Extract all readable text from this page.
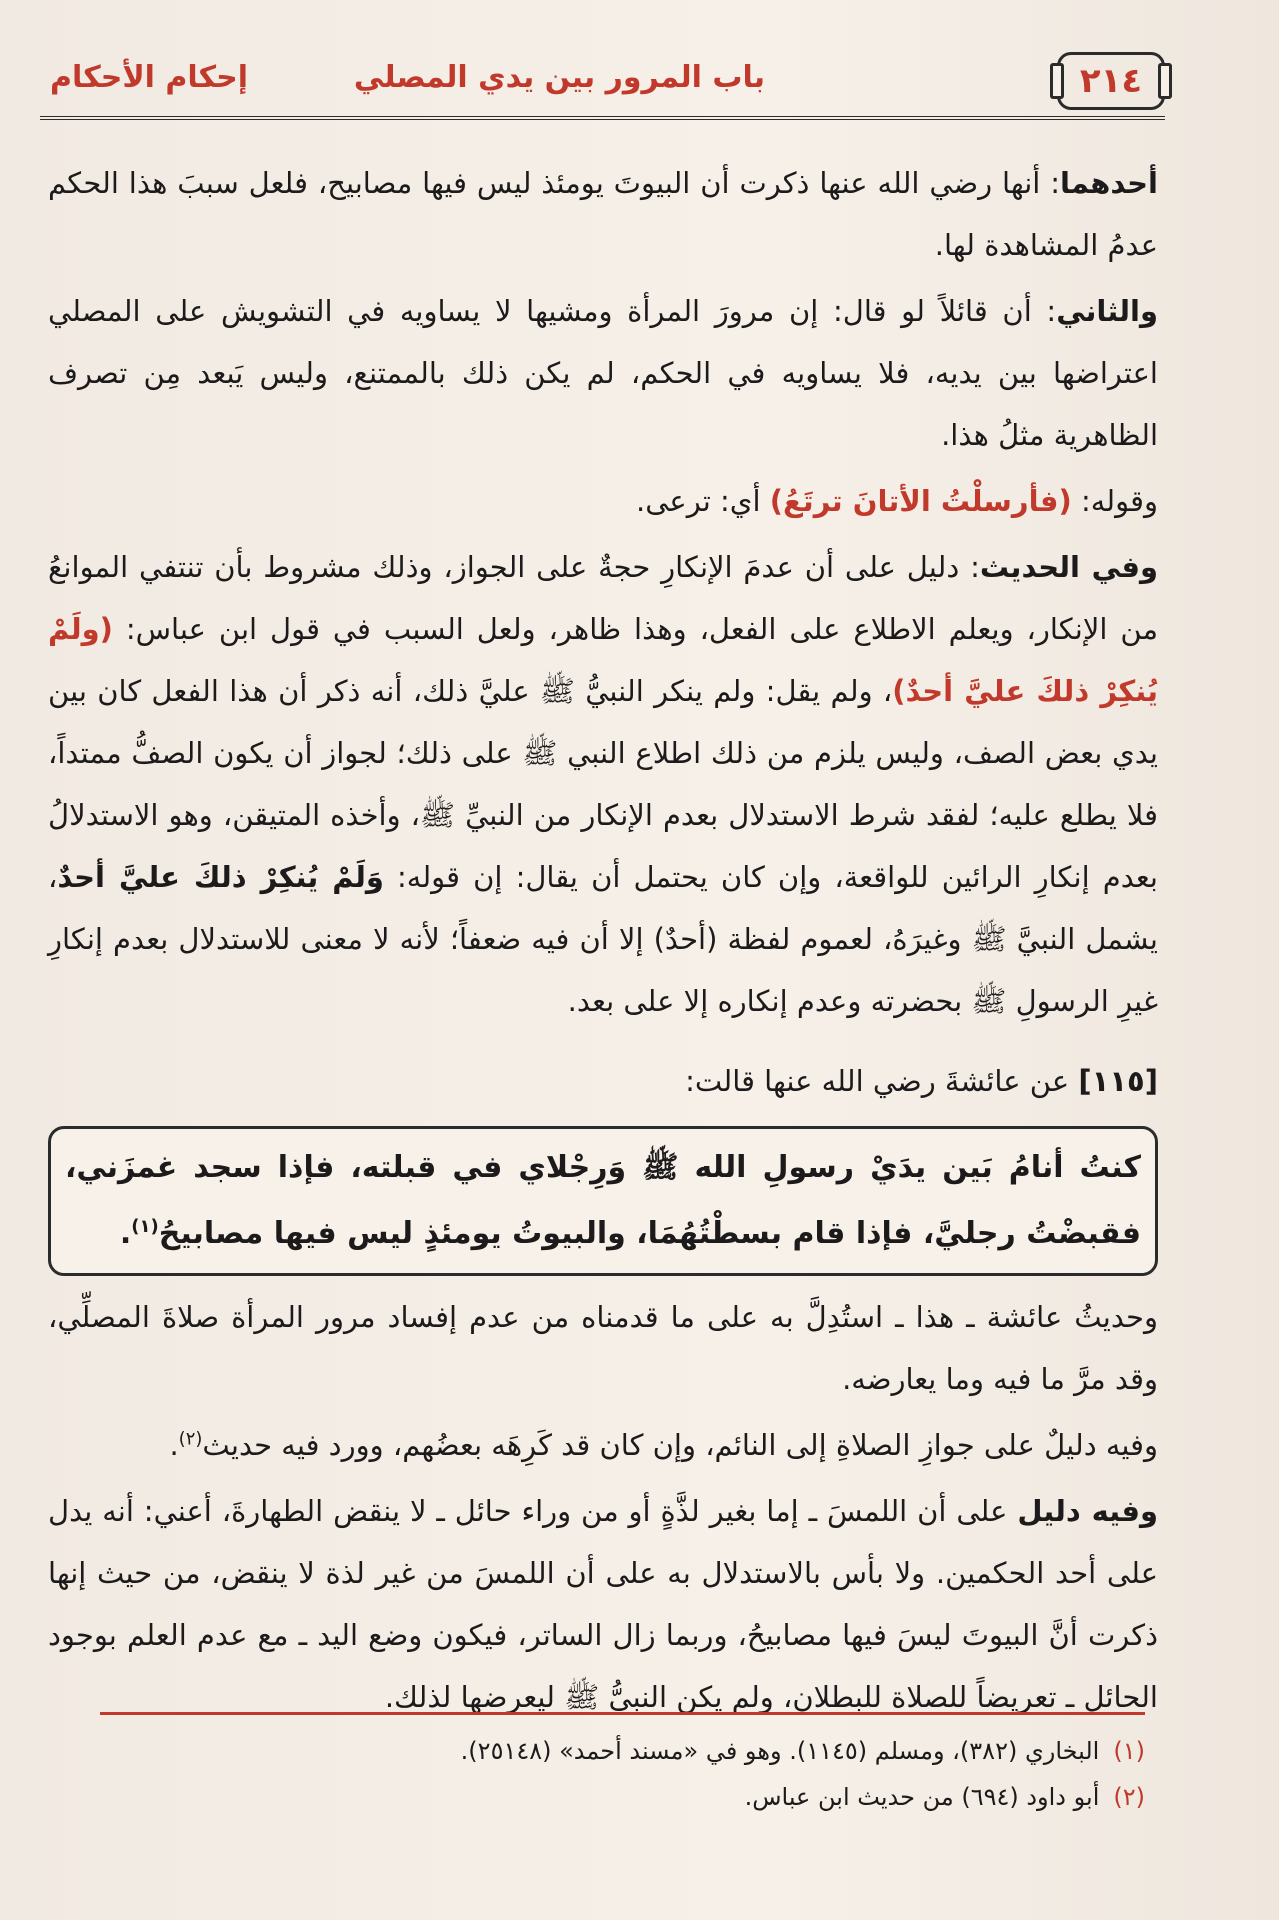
٢١٤
باب المرور بين يدي المصلي
إحكام الأحكام

أحدهما: أنها رضي الله عنها ذكرت أن البيوتَ يومئذ ليس فيها مصابيح، فلعل سببَ هذا الحكم عدمُ المشاهدة لها.

والثاني: أن قائلاً لو قال: إن مرورَ المرأة ومشيها لا يساويه في التشويش على المصلي اعتراضها بين يديه، فلا يساويه في الحكم، لم يكن ذلك بالممتنع، وليس يَبعد مِن تصرف الظاهرية مثلُ هذا.

وقوله: (فأرسلْتُ الأتانَ ترتَعُ) أي: ترعى.

وفي الحديث: دليل على أن عدمَ الإنكارِ حجةٌ على الجواز، وذلك مشروط بأن تنتفي الموانعُ من الإنكار، ويعلم الاطلاع على الفعل، وهذا ظاهر، ولعل السبب في قول ابن عباس: (ولَمْ يُنكِرْ ذلكَ عليَّ أحدٌ)، ولم يقل: ولم ينكر النبيُّ ﷺ عليَّ ذلك، أنه ذكر أن هذا الفعل كان بين يدي بعض الصف، وليس يلزم من ذلك اطلاع النبي ﷺ على ذلك؛ لجواز أن يكون الصفُّ ممتداً، فلا يطلع عليه؛ لفقد شرط الاستدلال بعدم الإنكار من النبيِّ ﷺ، وأخذه المتيقن، وهو الاستدلالُ بعدم إنكارِ الرائين للواقعة، وإن كان يحتمل أن يقال: إن قوله: وَلَمْ يُنكِرْ ذلكَ عليَّ أحدٌ، يشمل النبيَّ ﷺ وغيرَهُ، لعموم لفظة (أحدٌ) إلا أن فيه ضعفاً؛ لأنه لا معنى للاستدلال بعدم إنكارِ غيرِ الرسولِ ﷺ بحضرته وعدم إنكاره إلا على بعد.

[١١٥] عن عائشةَ رضي الله عنها قالت:

كنتُ أنامُ بَين يدَيْ رسولِ الله ﷺ وَرِجْلاي في قبلته، فإذا سجد غمزَني، فقبضْتُ رجليَّ، فإذا قام بسطْتُهُمَا، والبيوتُ يومئذٍ ليس فيها مصابيحُ$^{(١)}$.

وحديثُ عائشة ـ هذا ـ استُدِلَّ به على ما قدمناه من عدم إفساد مرور المرأة صلاةَ المصلِّي، وقد مرَّ ما فيه وما يعارضه.

وفيه دليلٌ على جوازِ الصلاةِ إلى النائم، وإن كان قد كَرِهَه بعضُهم، وورد فيه حديث$^{(٢)}$.

وفيه دليل على أن اللمسَ ـ إما بغير لذَّةٍ أو من وراء حائل ـ لا ينقض الطهارةَ، أعني: أنه يدل على أحد الحكمين. ولا بأس بالاستدلال به على أن اللمسَ من غير لذة لا ينقض، من حيث إنها ذكرت أنَّ البيوتَ ليسَ فيها مصابيحُ، وربما زال الساتر، فيكون وضع اليد ـ مع عدم العلم بوجود الحائل ـ تعريضاً للصلاة للبطلان، ولم يكن النبيُّ ﷺ ليعرضها لذلك.

(١)البخاري (٣٨٢)، ومسلم (١١٤٥). وهو في «مسند أحمد» (٢٥١٤٨).

(٢)أبو داود (٦٩٤) من حديث ابن عباس.
